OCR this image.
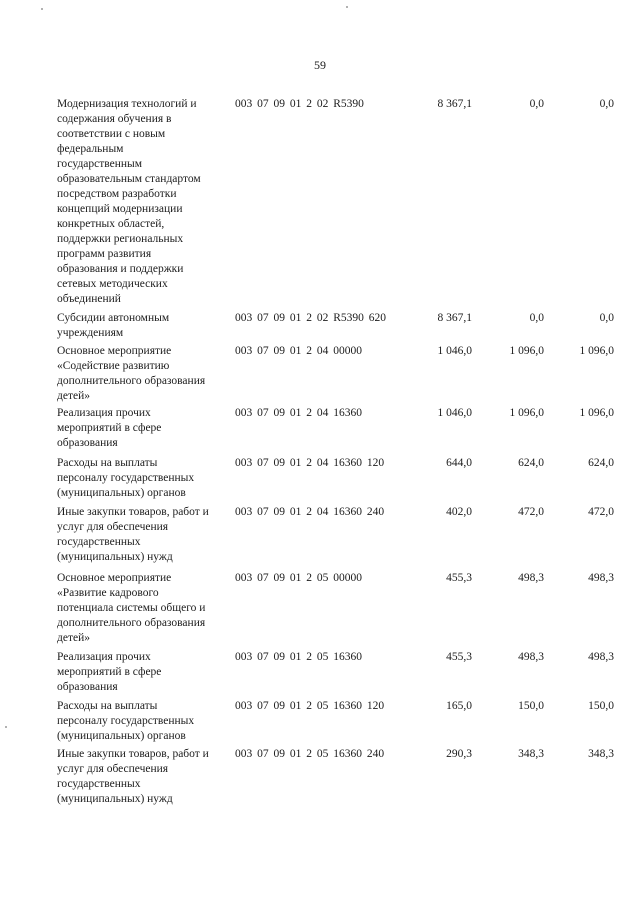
59
Модернизация технологий и
содержания обучения в
соответствии с новым
федеральным
государственным
образовательным стандартом
посредством разработки
концепций модернизации
конкретных областей,
поддержки региональных
программ развития
образования и поддержки
сетевых методических
объединений
003 07 09 01 2 02 R5390	8 367,1	0,0	0,0
Субсидии автономным
учреждениям
003 07 09 01 2 02 R5390 620	8 367,1	0,0	0,0
Основное мероприятие
«Содействие развитию
дополнительного образования
детей»
003 07 09 01 2 04 00000	1 046,0	1 096,0	1 096,0
Реализация прочих
мероприятий в сфере
образования
003 07 09 01 2 04 16360	1 046,0	1 096,0	1 096,0
Расходы на выплаты
персоналу государственных
(муниципальных) органов
003 07 09 01 2 04 16360 120	644,0	624,0	624,0
Иные закупки товаров, работ и
услуг для обеспечения
государственных
(муниципальных) нужд
003 07 09 01 2 04 16360 240	402,0	472,0	472,0
Основное мероприятие
«Развитие кадрового
потенциала системы общего и
дополнительного образования
детей»
003 07 09 01 2 05 00000	455,3	498,3	498,3
Реализация прочих
мероприятий в сфере
образования
003 07 09 01 2 05 16360	455,3	498,3	498,3
Расходы на выплаты
персоналу государственных
(муниципальных) органов
003 07 09 01 2 05 16360 120	165,0	150,0	150,0
Иные закупки товаров, работ и
услуг для обеспечения
государственных
(муниципальных) нужд
003 07 09 01 2 05 16360 240	290,3	348,3	348,3
